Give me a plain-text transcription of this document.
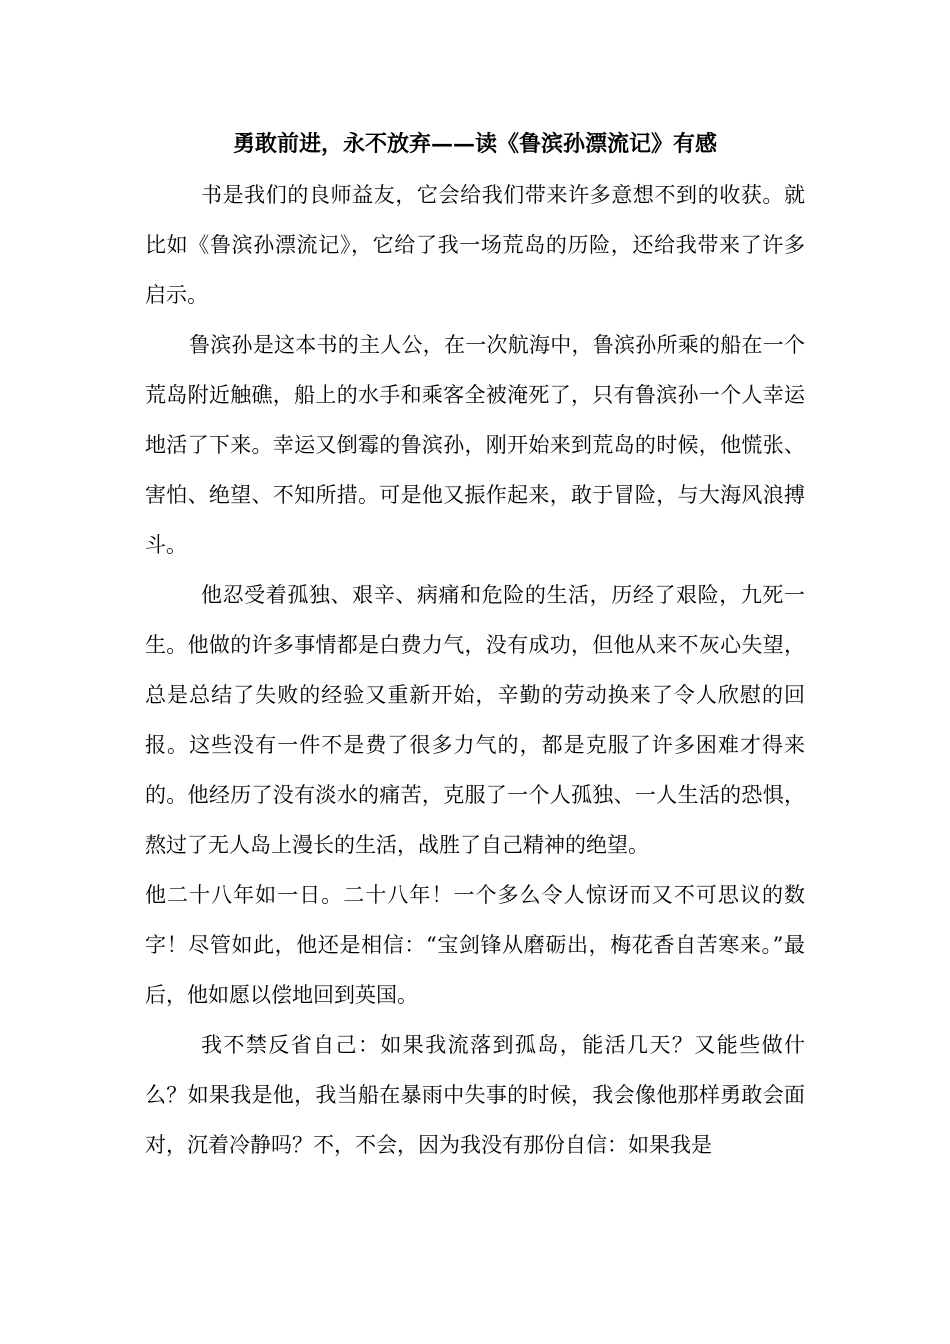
勇敢前进，永不放弃——读《鲁滨孙漂流记》有感

书是我们的良师益友，它会给我们带来许多意想不到的收获。就比如《鲁滨孙漂流记》，它给了我一场荒岛的历险，还给我带来了许多启示。

鲁滨孙是这本书的主人公，在一次航海中，鲁滨孙所乘的船在一个荒岛附近触礁，船上的水手和乘客全被淹死了，只有鲁滨孙一个人幸运地活了下来。幸运又倒霉的鲁滨孙，刚开始来到荒岛的时候，他慌张、害怕、绝望、不知所措。可是他又振作起来，敢于冒险，与大海风浪搏斗。

他忍受着孤独、艰辛、病痛和危险的生活，历经了艰险，九死一生。他做的许多事情都是白费力气，没有成功，但他从来不灰心失望，总是总结了失败的经验又重新开始，辛勤的劳动换来了令人欣慰的回报。这些没有一件不是费了很多力气的，都是克服了许多困难才得来的。他经历了没有淡水的痛苦，克服了一个人孤独、一人生活的恐惧，熬过了无人岛上漫长的生活，战胜了自己精神的绝望。

他二十八年如一日。二十八年！一个多么令人惊讶而又不可思议的数字！尽管如此，他还是相信：“宝剑锋从磨砺出，梅花香自苦寒来。”最后，他如愿以偿地回到英国。

我不禁反省自己：如果我流落到孤岛，能活几天？又能些做什么？如果我是他，我当船在暴雨中失事的时候，我会像他那样勇敢会面对，沉着冷静吗？不，不会，因为我没有那份自信：如果我是
